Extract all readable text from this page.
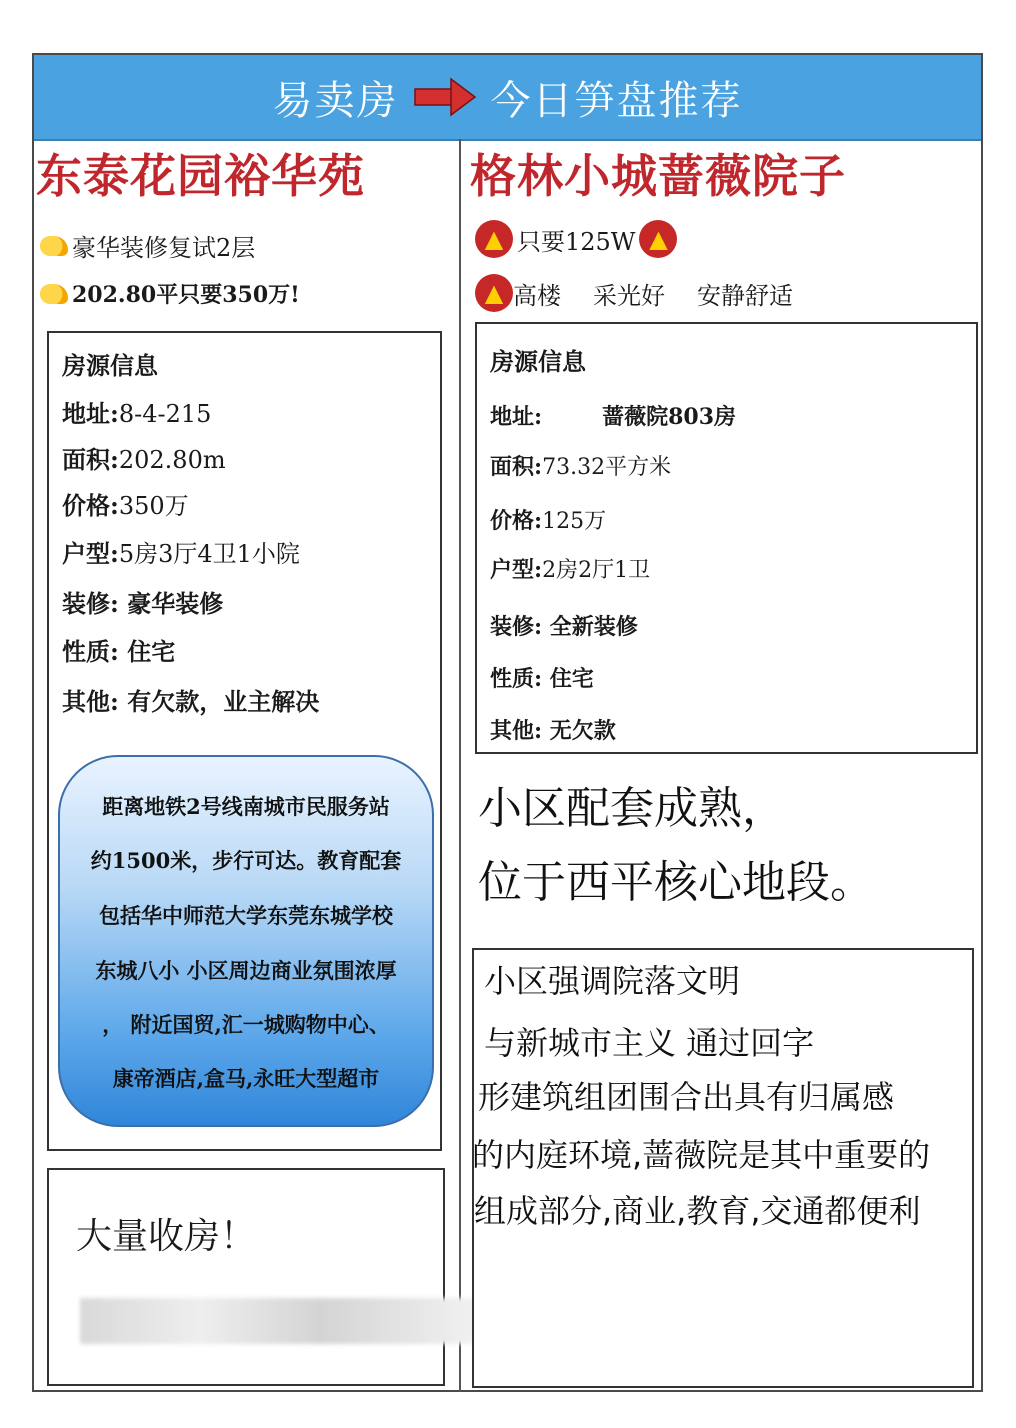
易卖房 今日笋盘推荐
东泰花园裕华苑
豪华装修复试2层
202.80平只要350万!
房源信息
地址:8-4-215
面积:202.80m
价格:350万
户型:5房3厅4卫1小院
装修: 豪华装修
性质: 住宅
其他: 有欠款，业主解决
距离地铁2号线南城市民服务站
约1500米，步行可达。教育配套
包括华中师范大学东莞东城学校
东城八小 小区周边商业氛围浓厚
， 附近国贸,汇一城购物中心、
康帝酒店,盒马,永旺大型超市
大量收房！
格林小城蔷薇院子
▲ 只要125W ▲
▲ 高楼 采光好 安静舒适
房源信息
地址:	蔷薇院803房
面积:73.32平方米
价格:125万
户型:2房2厅1卫
装修: 全新装修
性质: 住宅
其他: 无欠款
小区配套成熟，
位于西平核心地段。
小区强调院落文明
与新城市主义 通过回字
形建筑组团围合出具有归属感
的内庭环境,蔷薇院是其中重要的
组成部分,商业,教育,交通都便利
